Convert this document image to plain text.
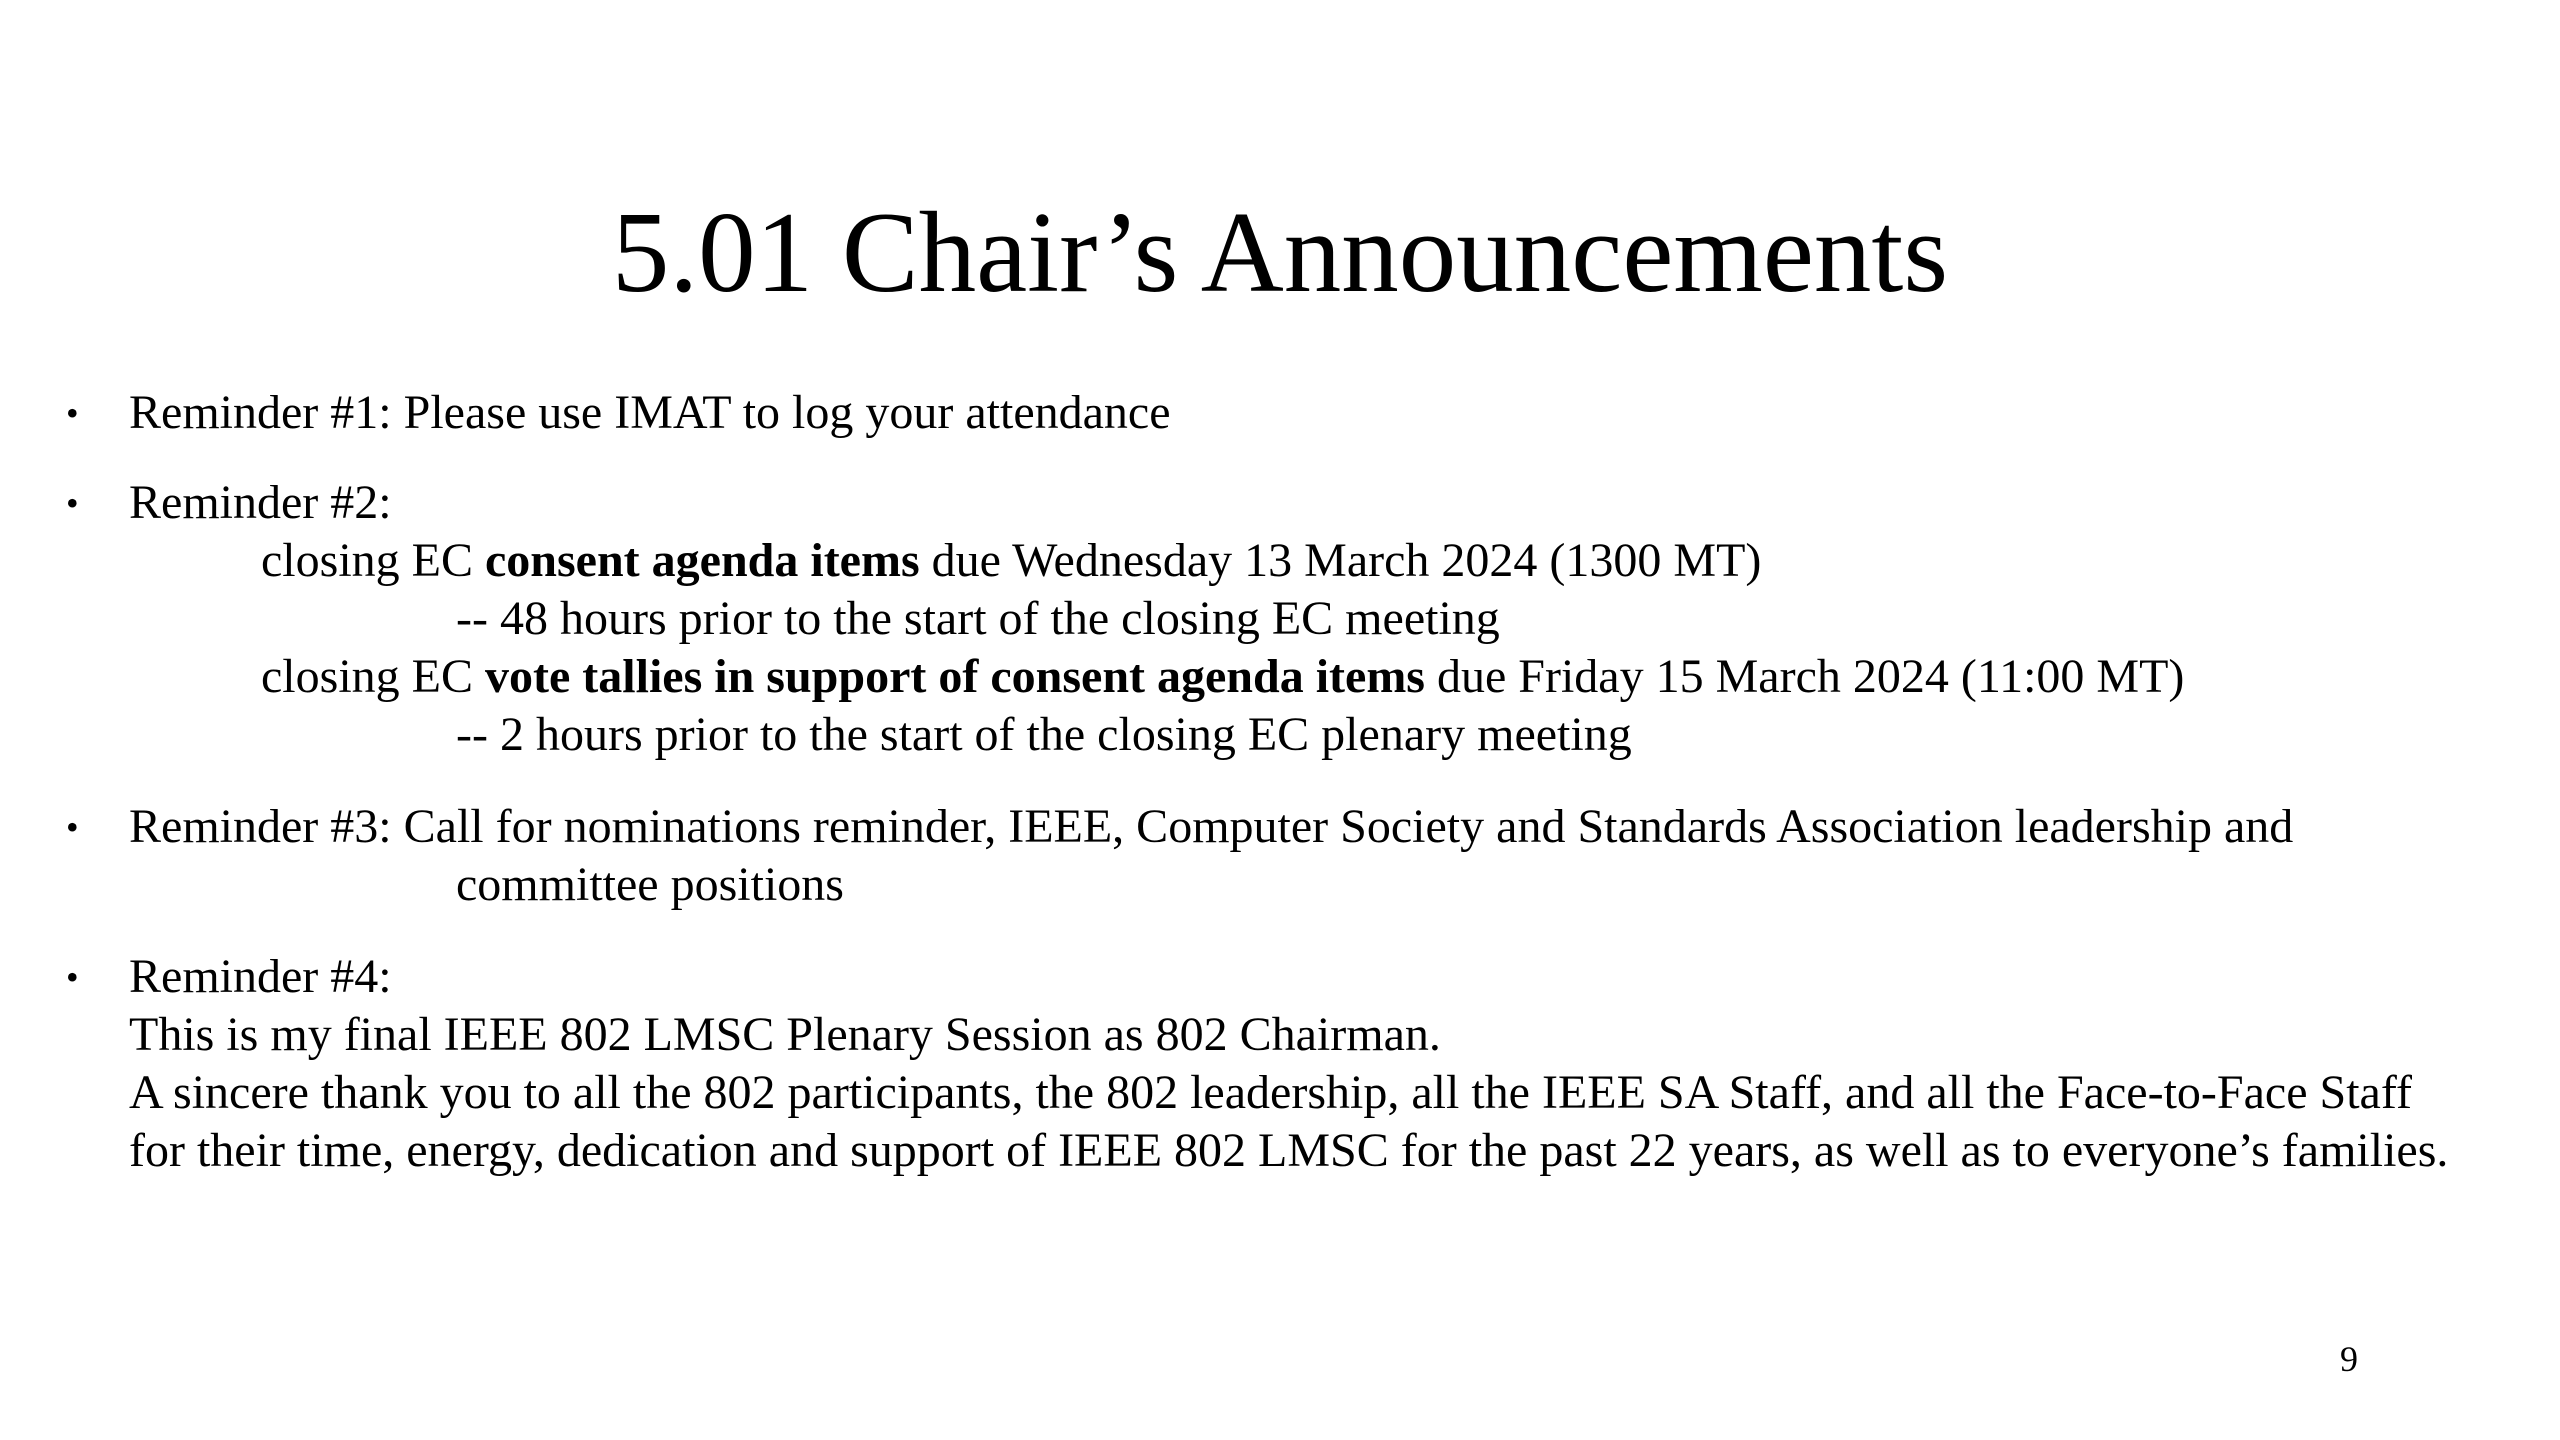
5.01 Chair’s Announcements
• Reminder #1: Please use IMAT to log your attendance
• Reminder #2:
closing EC consent agenda items due Wednesday 13 March 2024 (1300 MT)
-- 48 hours prior to the start of the closing EC meeting
closing EC vote tallies in support of consent agenda items due Friday 15 March 2024 (11:00 MT)
-- 2 hours prior to the start of the closing EC plenary meeting
• Reminder #3: Call for nominations reminder, IEEE, Computer Society and Standards Association leadership and
committee positions
• Reminder #4:
This is my final IEEE 802 LMSC Plenary Session as 802 Chairman.
A sincere thank you to all the 802 participants, the 802 leadership, all the IEEE SA Staff, and all the Face-to-Face Staff
for their time, energy, dedication and support of IEEE 802 LMSC for the past 22 years, as well as to everyone’s families.
9
